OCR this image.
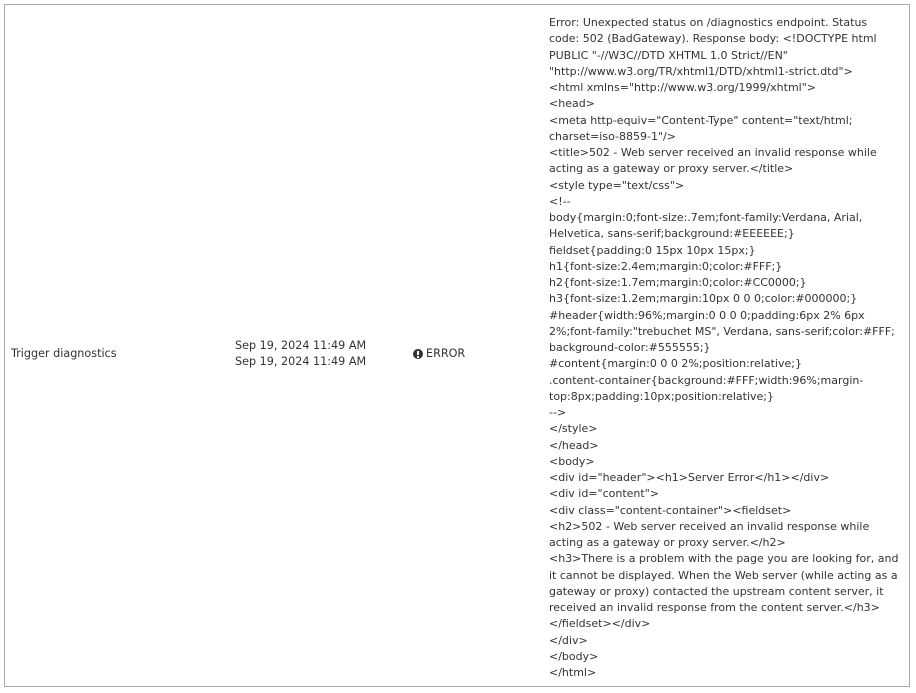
Trigger diagnostics
Sep 19, 2024 11:49 AM
Sep 19, 2024 11:49 AM
ERROR
Error: Unexpected status on /diagnostics endpoint. Status code: 502 (BadGateway). Response body: <!DOCTYPE html PUBLIC "-//W3C//DTD XHTML 1.0 Strict//EN"
"http://www.w3.org/TR/xhtml1/DTD/xhtml1-strict.dtd">
<html xmlns="http://www.w3.org/1999/xhtml">
<head>
<meta http-equiv="Content-Type" content="text/html; charset=iso-8859-1"/>
<title>502 - Web server received an invalid response while acting as a gateway or proxy server.</title>
<style type="text/css">
<!--
body{margin:0;font-size:.7em;font-family:Verdana, Arial, Helvetica, sans-serif;background:#EEEEEE;}
fieldset{padding:0 15px 10px 15px;}
h1{font-size:2.4em;margin:0;color:#FFF;}
h2{font-size:1.7em;margin:0;color:#CC0000;}
h3{font-size:1.2em;margin:10px 0 0 0;color:#000000;}
#header{width:96%;margin:0 0 0 0;padding:6px 2% 6px 2%;font-family:"trebuchet MS", Verdana, sans-serif;color:#FFF;
background-color:#555555;}
#content{margin:0 0 0 2%;position:relative;}
.content-container{background:#FFF;width:96%;margin-top:8px;padding:10px;position:relative;}
-->
</style>
</head>
<body>
<div id="header"><h1>Server Error</h1></div>
<div id="content">
<div class="content-container"><fieldset>
<h2>502 - Web server received an invalid response while acting as a gateway or proxy server.</h2>
<h3>There is a problem with the page you are looking for, and it cannot be displayed. When the Web server (while acting as a gateway or proxy) contacted the upstream content server, it received an invalid response from the content server.</h3>
</fieldset></div>
</div>
</body>
</html>
